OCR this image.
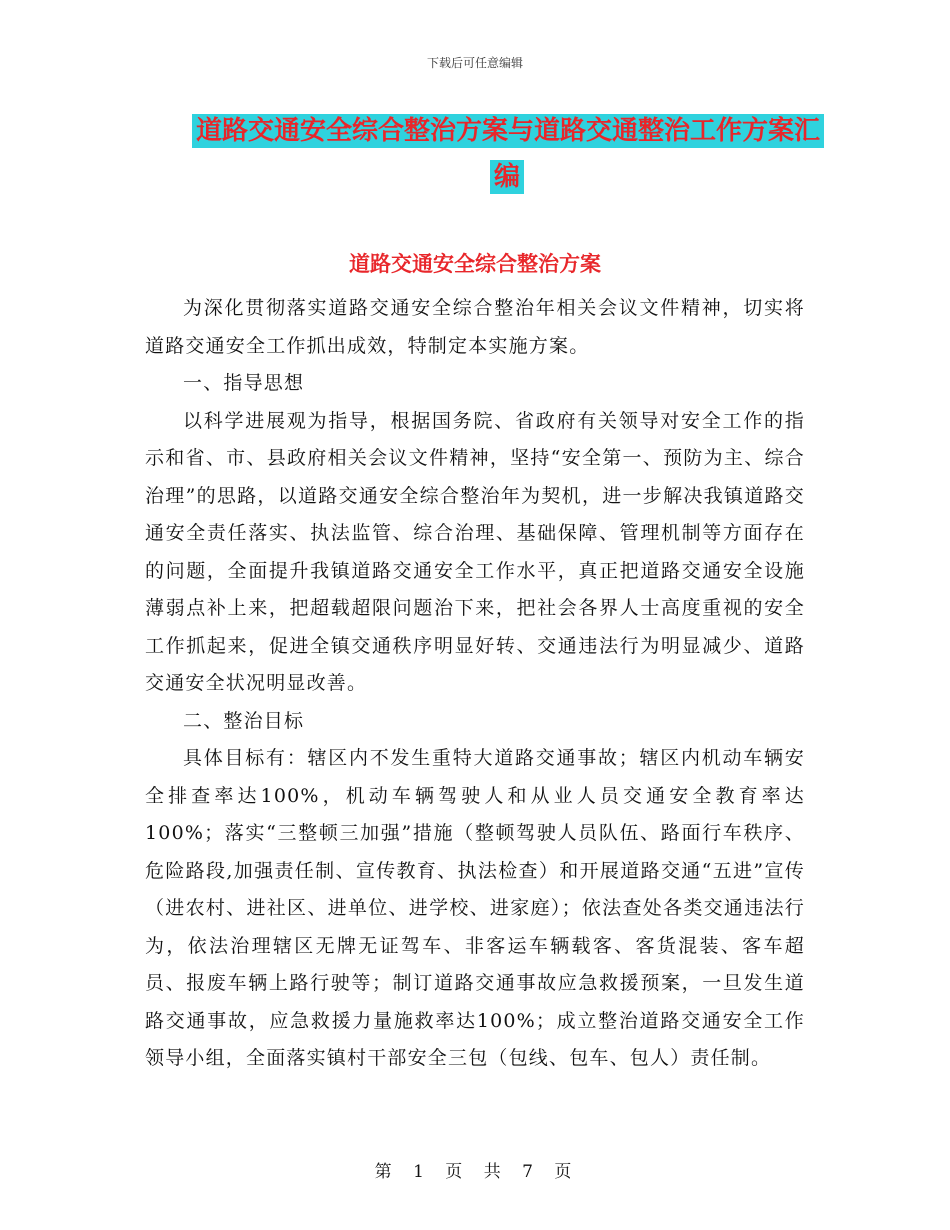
下载后可任意编辑
道路交通安全综合整治方案与道路交通整治工作方案汇编
道路交通安全综合整治方案

为深化贯彻落实道路交通安全综合整治年相关会议文件精神，切实将道路交通安全工作抓出成效，特制定本实施方案。

一、指导思想

以科学进展观为指导，根据国务院、省政府有关领导对安全工作的指示和省、市、县政府相关会议文件精神，坚持“安全第一、预防为主、综合治理”的思路，以道路交通安全综合整治年为契机，进一步解决我镇道路交通安全责任落实、执法监管、综合治理、基础保障、管理机制等方面存在的问题，全面提升我镇道路交通安全工作水平，真正把道路交通安全设施薄弱点补上来，把超载超限问题治下来，把社会各界人士高度重视的安全工作抓起来，促进全镇交通秩序明显好转、交通违法行为明显减少、道路交通安全状况明显改善。

二、整治目标

具体目标有：辖区内不发生重特大道路交通事故；辖区内机动车辆安全排查率达100%，机动车辆驾驶人和从业人员交通安全教育率达100%；落实“三整顿三加强”措施（整顿驾驶人员队伍、路面行车秩序、危险路段,加强责任制、宣传教育、执法检查）和开展道路交通“五进”宣传（进农村、进社区、进单位、进学校、进家庭）；依法查处各类交通违法行为，依法治理辖区无牌无证驾车、非客运车辆载客、客货混装、客车超员、报废车辆上路行驶等；制订道路交通事故应急救援预案，一旦发生道路交通事故，应急救援力量施救率达100%；成立整治道路交通安全工作领导小组，全面落实镇村干部安全三包（包线、包车、包人）责任制。

第 1 页 共 7 页
